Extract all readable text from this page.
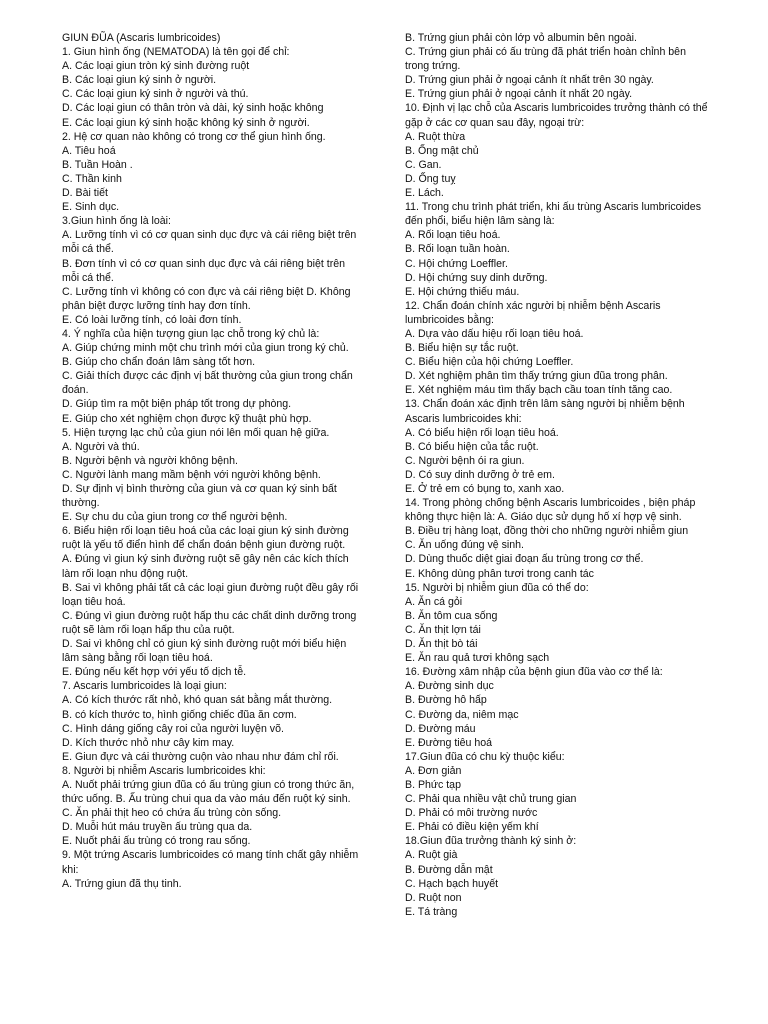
GIUN ĐŨA (Ascaris lumbricoides)
1. Giun hình ống (NEMATODA) là tên gọi để chỉ:
A. Các loại giun tròn ký sinh đường ruột
B. Các loại giun ký sinh ở người.
C. Các loại giun ký sinh ở người và thú.
D. Các loại giun có thân tròn và dài, ký sinh hoặc không
E. Các loại giun ký sinh hoặc không ký sinh ở người.
2. Hệ cơ quan nào không có trong cơ thể giun hình ống.
A. Tiêu hoá
B. Tuần Hoàn .
C. Thần kinh
D. Bài tiết
E. Sinh dục.
3.Giun hình ống là loài:
A. Lưỡng tính vì có cơ quan sinh dục đực và cái riêng biệt trên mỗi cá thể.
B. Đơn tính vì có cơ quan sinh dục đực và cái riêng biệt trên mỗi cá thể.
C. Lưỡng tính vì không có con đực và cái riêng biệt D. Không phân biệt được lưỡng tính hay đơn tính.
E. Có loài lưỡng tính, có loài đơn tính.
4. Ý nghĩa của hiện tượng giun lạc chỗ trong ký chủ là:
A. Giúp chứng minh một chu trình mới của giun trong ký chủ.
B. Giúp cho chẩn đoán lâm sàng tốt hơn.
C. Giải thích được các định vị bất thường của giun trong chẩn đoán.
D. Giúp tìm ra một biện pháp tốt trong dự phòng.
E. Giúp cho xét nghiệm chọn được kỹ thuật phù hợp.
5. Hiện tượng lạc chủ của giun nói lên mối quan hệ giữa.
A. Người và thú.
B. Người bệnh và người không bệnh.
C. Người lành mang mầm bệnh với người không bệnh.
D. Sự định vị bình thường của giun và cơ quan ký sinh bất thường.
E. Sự chu du của giun trong cơ thể người bệnh.
6. Biểu hiện rối loạn tiêu hoá của các loại giun ký sinh đường ruột là yếu tố điển hình để chẩn đoán bệnh giun đường ruột.
A. Đúng vì giun ký sinh đường ruột sẽ gây nên các kích thích làm rối loạn nhu động ruột.
B. Sai vì không phải tất cả các loại giun đường ruột đều gây rối loạn tiêu hoá.
C. Đúng vì giun đường ruột hấp thu các chất dinh dưỡng trong ruột sẽ làm rối loạn hấp thu của ruột.
D. Sai vì không chỉ có giun ký sinh đường ruột mới biểu hiện lâm sàng bằng rối loạn tiêu hoá.
E. Đúng nếu kết hợp với yếu tố dịch tễ.
7. Ascaris lumbricoides là loại giun:
A. Có kích thước rất nhỏ, khó quan sát bằng mắt thường.
B. có kích thước to, hình giống chiếc đũa ăn cơm.
C. Hình dáng giống cây roi của người luyện võ.
D. Kích thước nhỏ như cây kim may.
E. Giun đực và cái thường cuộn vào nhau như đám chỉ rối.
8. Người bị nhiễm Ascaris lumbricoides khi:
A. Nuốt phải trứng giun đũa có ấu trùng giun có trong thức ăn, thức uống. B. Ấu trùng chui qua da vào máu đến ruột ký sinh.
C. Ăn phải thịt heo có chứa ấu trùng còn sống.
D. Muỗi hút máu truyền ấu trùng qua da.
E. Nuốt phải ấu trùng có trong rau sống.
9. Một trứng Ascaris lumbricoides có mang tính chất gây nhiễm khi:
A. Trứng giun đã thụ tinh.
B. Trứng giun phải còn lớp vỏ albumin bên ngoài.
C. Trứng giun phải có ấu trùng đã phát triển hoàn chỉnh bên trong trứng.
D. Trứng giun phải ở ngoại cảnh ít nhất trên 30 ngày.
E. Trứng giun phải ở ngoại cảnh ít nhất 20 ngày.
10. Định vị lạc chỗ của Ascaris lumbricoides trưởng thành có thể gặp ở các cơ quan sau đây, ngoại trừ:
A. Ruột thừa
B. Ống mật chủ
C. Gan.
D. Ống tuỵ
E. Lách.
11. Trong chu trình phát triển, khi ấu trùng Ascaris lumbricoides đến phổi, biểu hiện lâm sàng là:
A. Rối loạn tiêu hoá.
B. Rối loạn tuần hoàn.
C. Hội chứng Loeffler.
D. Hội chứng suy dinh dưỡng.
E. Hội chứng thiếu máu.
12. Chẩn đoán chính xác người bị nhiễm bệnh Ascaris lumbricoides bằng:
A. Dựa vào dấu hiệu rối loạn tiêu hoá.
B. Biểu hiện sự tắc ruột.
C. Biểu hiện của hội chứng Loeffler.
D. Xét nghiệm phân tìm thấy trứng giun đũa trong phân.
E. Xét nghiệm máu tìm thấy bạch cầu toan tính tăng cao.
13. Chẩn đoán xác định trên lâm sàng người bị nhiễm bệnh Ascaris lumbricoides khi:
A. Có biểu hiện rối loạn tiêu hoá.
B. Có biểu hiện của tắc ruột.
C. Người bệnh ói ra giun.
D. Có suy dinh dưỡng ở trẻ em.
E. Ở trẻ em có bụng to, xanh xao.
14. Trong phòng chống bệnh Ascaris lumbricoides , biện pháp không thực hiện là: A. Giáo dục sử dụng hố xí hợp vệ sinh.
B. Điều trị hàng loạt, đồng thời cho những người nhiễm giun
C. Ăn uống đúng vệ sinh.
D. Dùng thuốc diệt giai đoạn ấu trùng trong cơ thể.
E. Không dùng phân tươi trong canh tác
15. Người bị nhiễm giun đũa có thể do:
A. Ăn cá gỏi
B. Ăn tôm cua sống
C. Ăn thịt lợn tái
D. Ăn thịt bò tái
E. Ăn rau quả tươi không sạch
16. Đường xâm nhập của bệnh giun đũa vào cơ thể là:
A. Đường sinh dục
B. Đường hô hấp
C. Đường da, niêm mạc
D. Đường máu
E. Đường tiêu hoá
17.Giun đũa có chu kỳ thuộc kiểu:
A. Đơn giản
B. Phức tạp
C. Phải qua nhiều vật chủ trung gian
D. Phải có môi trường nước
E. Phải có điều kiện yếm khí
18.Giun đũa trưởng thành ký sinh ở:
A. Ruột già
B. Đường dẫn mật
C. Hạch bạch huyết
D. Ruột non
E. Tá tràng
